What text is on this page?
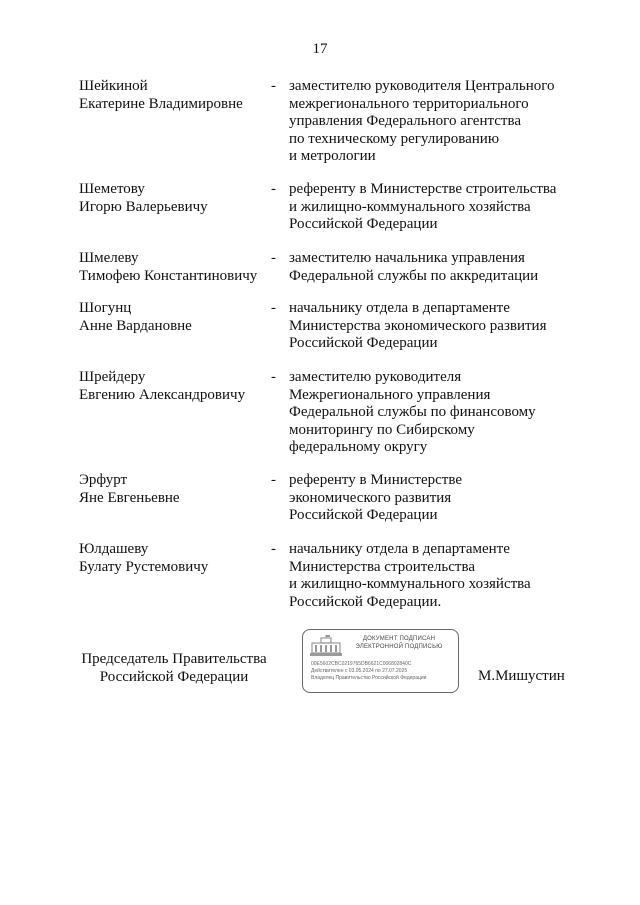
17
Шейкиной
Екатерине Владимировне
- заместителю руководителя Центрального
межрегионального территориального
управления Федерального агентства
по техническому регулированию
и метрологии
Шеметову
Игорю Валерьевичу
- референту в Министерстве строительства
и жилищно-коммунального хозяйства
Российской Федерации
Шмелеву
Тимофею Константиновичу
- заместителю начальника управления
Федеральной службы по аккредитации
Шогунц
Анне Вардановне
- начальнику отдела в департаменте
Министерства экономического развития
Российской Федерации
Шрейдеру
Евгению Александровичу
- заместителю руководителя
Межрегионального управления
Федеральной службы по финансовому
мониторингу по Сибирскому
федеральному округу
Эрфурт
Яне Евгеньевне
- референту в Министерстве
экономического развития
Российской Федерации
Юлдашеву
Булату Рустемовичу
- начальнику отдела в департаменте
Министерства строительства
и жилищно-коммунального хозяйства
Российской Федерации.
Председатель Правительства
Российской Федерации
ДОКУМЕНТ ПОДПИСАН
ЭЛЕКТРОННОЙ ПОДПИСЬЮ
00E5602CBC0219765DB6621C006802840C
Действителен с 03.05.2024 по 27.07.2025
Владелец Правительство Российской Федерации	М.Мишустин
